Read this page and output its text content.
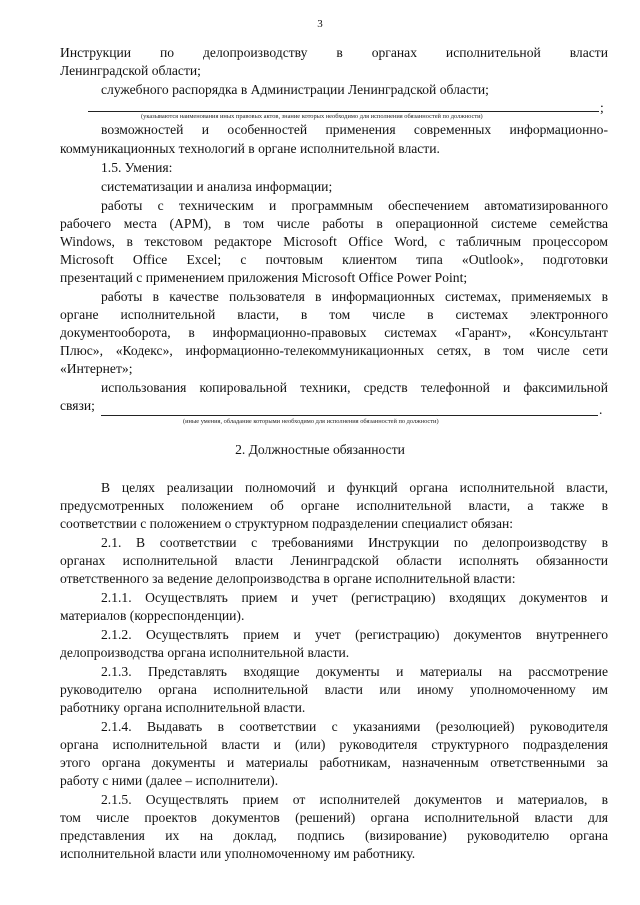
3
Инструкции по делопроизводству в органах исполнительной власти
Ленинградской области;
служебного распорядка в Администрации Ленинградской области;
;
(указываются наименования иных правовых актов, знание которых необходимо для исполнения обязанностей по должности)
возможностей и особенностей применения современных информационно-
коммуникационных технологий в органе исполнительной власти.
1.5. Умения:
систематизации и анализа информации;
работы с техническим и программным обеспечением автоматизированного
рабочего места (АРМ), в том числе работы в операционной системе семейства
Windows, в текстовом редакторе Microsoft Office Word, с табличным процессором
Microsoft Office Excel; с почтовым клиентом типа «Outlook», подготовки
презентаций с применением приложения Microsoft Office Power Point;
работы в качестве пользователя в информационных системах, применяемых в
органе исполнительной власти, в том числе в системах электронного
документооборота, в информационно-правовых системах «Гарант», «Консультант
Плюс», «Кодекс», информационно-телекоммуникационных сетях, в том числе сети
«Интернет»;
использования копировальной техники, средств телефонной и факсимильной
связи;	.
(иные умения, обладание которыми необходимо для исполнения обязанностей по должности)
2. Должностные обязанности
В целях реализации полномочий и функций органа исполнительной власти,
предусмотренных положением об органе исполнительной власти, а также в
соответствии с положением о структурном подразделении специалист обязан:
2.1. В соответствии с требованиями Инструкции по делопроизводству в
органах исполнительной власти Ленинградской области исполнять обязанности
ответственного за ведение делопроизводства в органе исполнительной власти:
2.1.1. Осуществлять прием и учет (регистрацию) входящих документов и
материалов (корреспонденции).
2.1.2. Осуществлять прием и учет (регистрацию) документов внутреннего
делопроизводства органа исполнительной власти.
2.1.3. Представлять входящие документы и материалы на рассмотрение
руководителю органа исполнительной власти или иному уполномоченному им
работнику органа исполнительной власти.
2.1.4. Выдавать в соответствии с указаниями (резолюцией) руководителя
органа исполнительной власти и (или) руководителя структурного подразделения
этого органа документы и материалы работникам, назначенным ответственными за
работу с ними (далее – исполнители).
2.1.5. Осуществлять прием от исполнителей документов и материалов, в
том числе проектов документов (решений) органа исполнительной власти для
представления их на доклад, подпись (визирование) руководителю органа
исполнительной власти или уполномоченному им работнику.
